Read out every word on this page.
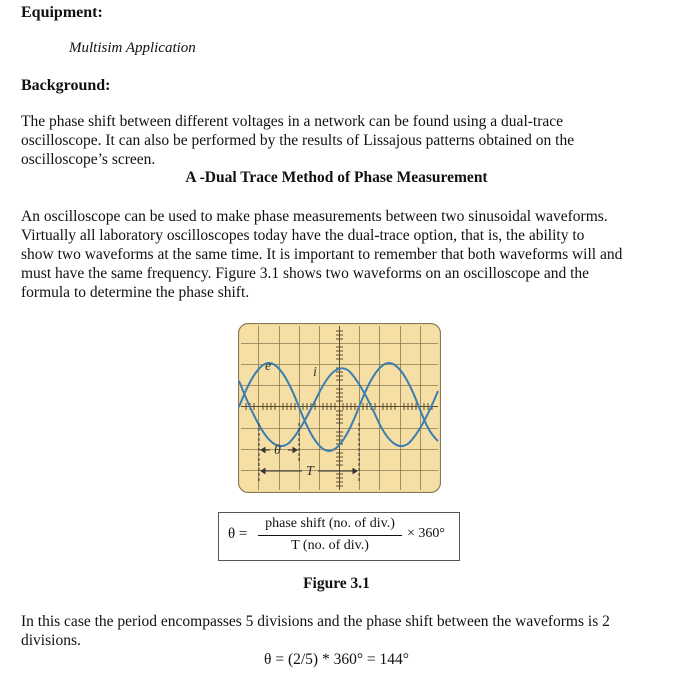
Equipment:
Multisim Application
Background:
The phase shift between different voltages in a network can be found using a dual-trace
oscilloscope. It can also be performed by the results of Lissajous patterns obtained on the
oscilloscope’s screen.
A -Dual Trace Method of Phase Measurement
An oscilloscope can be used to make phase measurements between two sinusoidal waveforms.
Virtually all laboratory oscilloscopes today have the dual-trace option, that is, the ability to
show two waveforms at the same time. It is important to remember that both waveforms will and
must have the same frequency. Figure 3.1 shows two waveforms on an oscilloscope and the
formula to determine the phase shift.
e	i
θ
T
θ =
phase shift (no. of div.)
T (no. of div.)
× 360°
Figure 3.1
In this case the period encompasses 5 divisions and the phase shift between the waveforms is 2
divisions.
θ = (2/5) * 360° = 144°
